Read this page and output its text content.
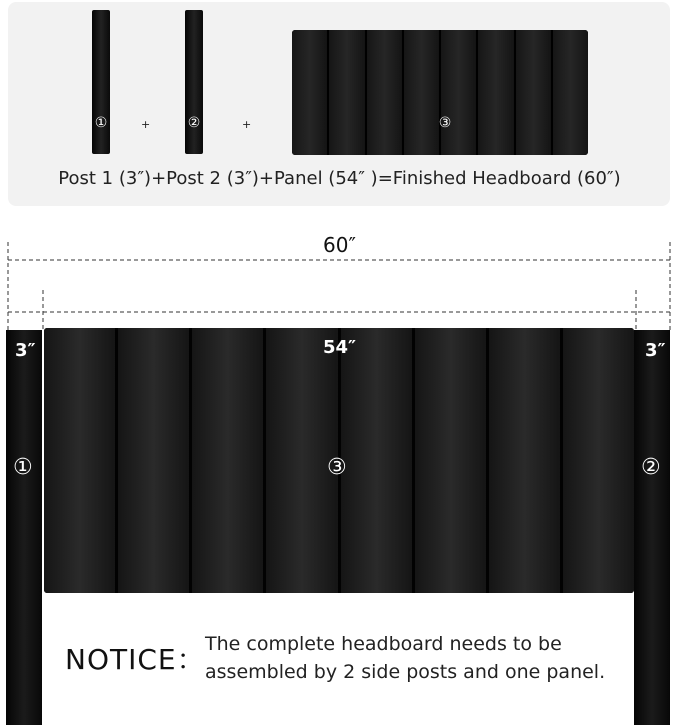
①	+	②	+	③
Post 1 (3″)+Post 2 (3″)+Panel (54″ )=Finished Headboard (60″)
60″
3″	54″	3″
①	③	②
NOTICE： The complete headboard needs to be assembled by 2 side posts and one panel.
